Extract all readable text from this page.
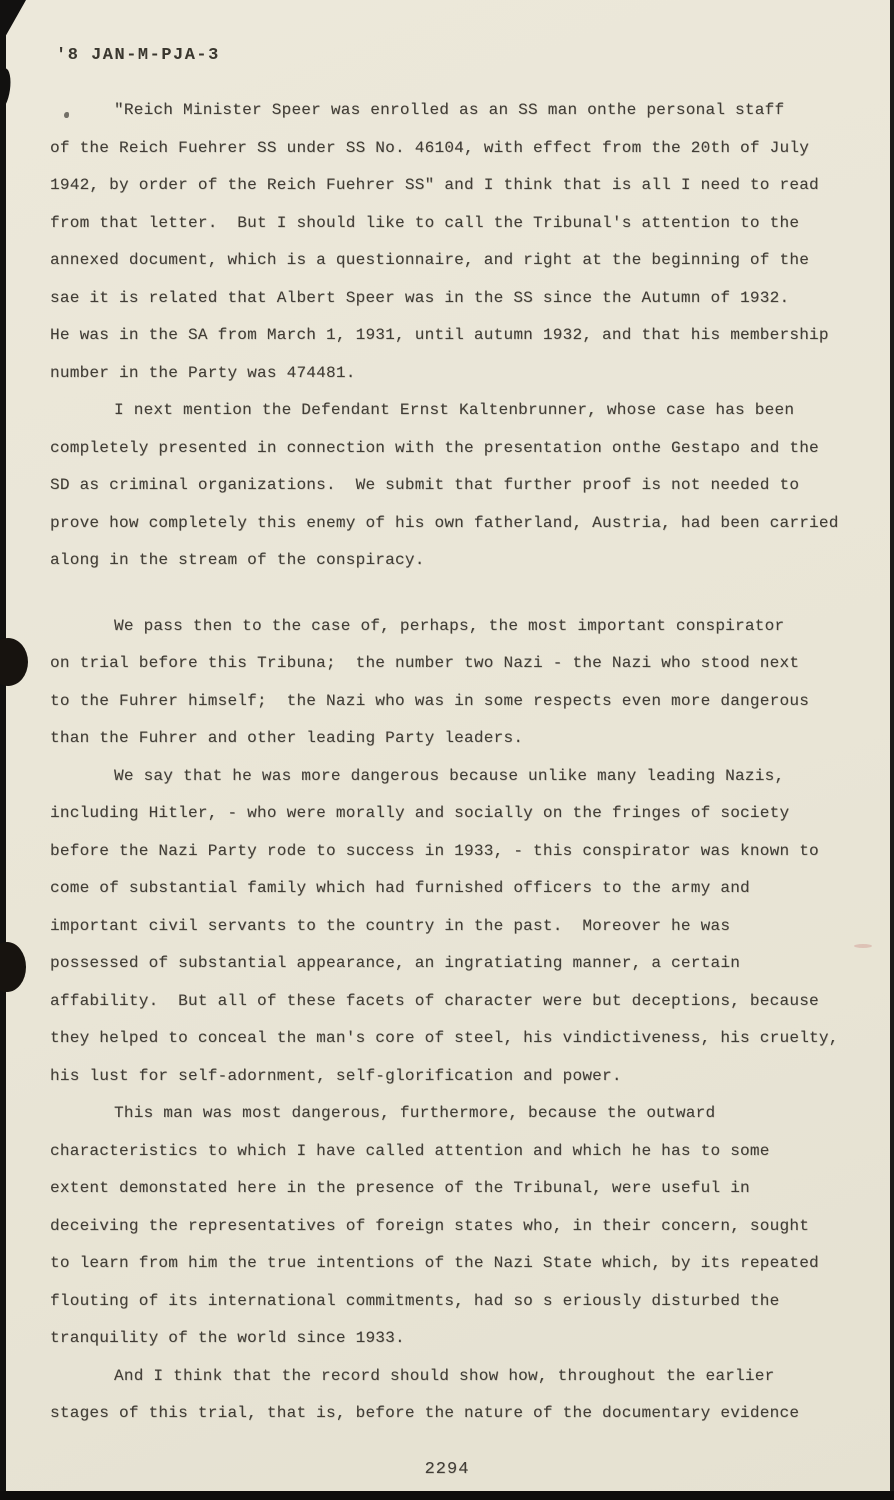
'8 JAN-M-PJA-3
"Reich Minister Speer was enrolled as an SS man onthe personal staff
of the Reich Fuehrer SS under SS No. 46104, with effect from the 20th of July
1942, by order of the Reich Fuehrer SS" and I think that is all I need to read
from that letter.  But I should like to call the Tribunal's attention to the
annexed document, which is a questionnaire, and right at the beginning of the
sae it is related that Albert Speer was in the SS since the Autumn of 1932.
He was in the SA from March 1, 1931, until autumn 1932, and that his membership
number in the Party was 474481.
I next mention the Defendant Ernst Kaltenbrunner, whose case has been
completely presented in connection with the presentation onthe Gestapo and the
SD as criminal organizations.  We submit that further proof is not needed to
prove how completely this enemy of his own fatherland, Austria, had been carried
along in the stream of the conspiracy.
We pass then to the case of, perhaps, the most important conspirator
on trial before this Tribuna;  the number two Nazi - the Nazi who stood next
to the Fuhrer himself;  the Nazi who was in some respects even more dangerous
than the Fuhrer and other leading Party leaders.
We say that he was more dangerous because unlike many leading Nazis,
including Hitler, - who were morally and socially on the fringes of society
before the Nazi Party rode to success in 1933, - this conspirator was known to
come of substantial family which had furnished officers to the army and
important civil servants to the country in the past.  Moreover he was
possessed of substantial appearance, an ingratiating manner, a certain
affability.  But all of these facets of character were but deceptions, because
they helped to conceal the man's core of steel, his vindictiveness, his cruelty,
his lust for self-adornment, self-glorification and power.
This man was most dangerous, furthermore, because the outward
characteristics to which I have called attention and which he has to some
extent demonstated here in the presence of the Tribunal, were useful in
deceiving the representatives of foreign states who, in their concern, sought
to learn from him the true intentions of the Nazi State which, by its repeated
flouting of its international commitments, had so s eriously disturbed the
tranquility of the world since 1933.
And I think that the record should show how, throughout the earlier
stages of this trial, that is, before the nature of the documentary evidence
2294
